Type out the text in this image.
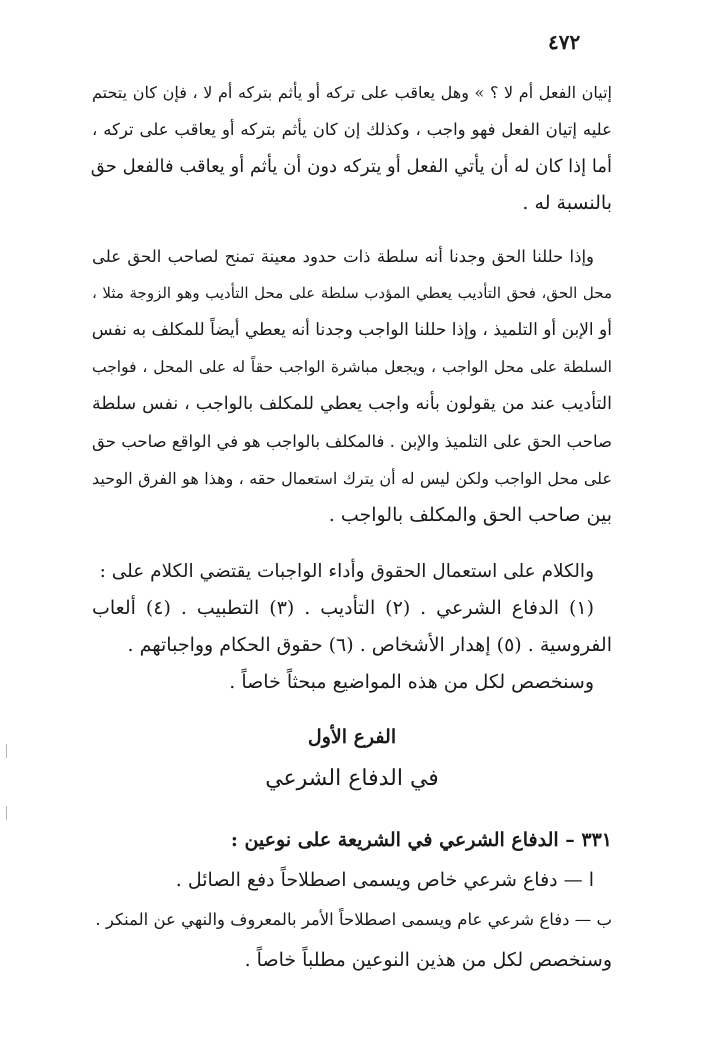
٤٧٢
إتيان الفعل أم لا ؟ » وهل يعاقب على تركه أو يأثم بتركه أم لا ، فإن كان يتحتم
عليه إتيان الفعل فهو واجب ، وكذلك إن كان يأثم بتركه أو يعاقب على تركه ،
أما إذا كان له أن يأتي الفعل أو يتركه دون أن يأثم أو يعاقب فالفعل حق
بالنسبة له .
وإذا حللنا الحق وجدنا أنه سلطة ذات حدود معينة تمنح لصاحب الحق على
محل الحق، فحق التأديب يعطي المؤدب سلطة على محل التأديب وهو الزوجة مثلا ،
أو الإبن أو التلميذ ، وإذا حللنا الواجب وجدنا أنه يعطي أيضاً للمكلف به نفس
السلطة على محل الواجب ، ويجعل مباشرة الواجب حقاً له على المحل ، فواجب
التأديب عند من يقولون بأنه واجب يعطي للمكلف بالواجب ، نفس سلطة
صاحب الحق على التلميذ والإبن . فالمكلف بالواجب هو في الواقع صاحب حق
على محل الواجب ولكن ليس له أن يترك استعمال حقه ، وهذا هو الفرق الوحيد
بين صاحب الحق والمكلف بالواجب .
والكلام على استعمال الحقوق وأداء الواجبات يقتضي الكلام على :
(١) الدفاع الشرعي . (٢) التأديب . (٣) التطبيب . (٤) ألعاب
الفروسية . (٥) إهدار الأشخاص . (٦) حقوق الحكام وواجباتهم .
وسنخصص لكل من هذه المواضيع مبحثاً خاصاً .
الفرع الأول
في الدفاع الشرعي
٣٣١ – الدفاع الشرعي في الشريعة على نوعين :
ا — دفاع شرعي خاص ويسمى اصطلاحاً دفع الصائل .
ب — دفاع شرعي عام ويسمى اصطلاحاً الأمر بالمعروف والنهي عن المنكر .
وسنخصص لكل من هذين النوعين مطلباً خاصاً .
